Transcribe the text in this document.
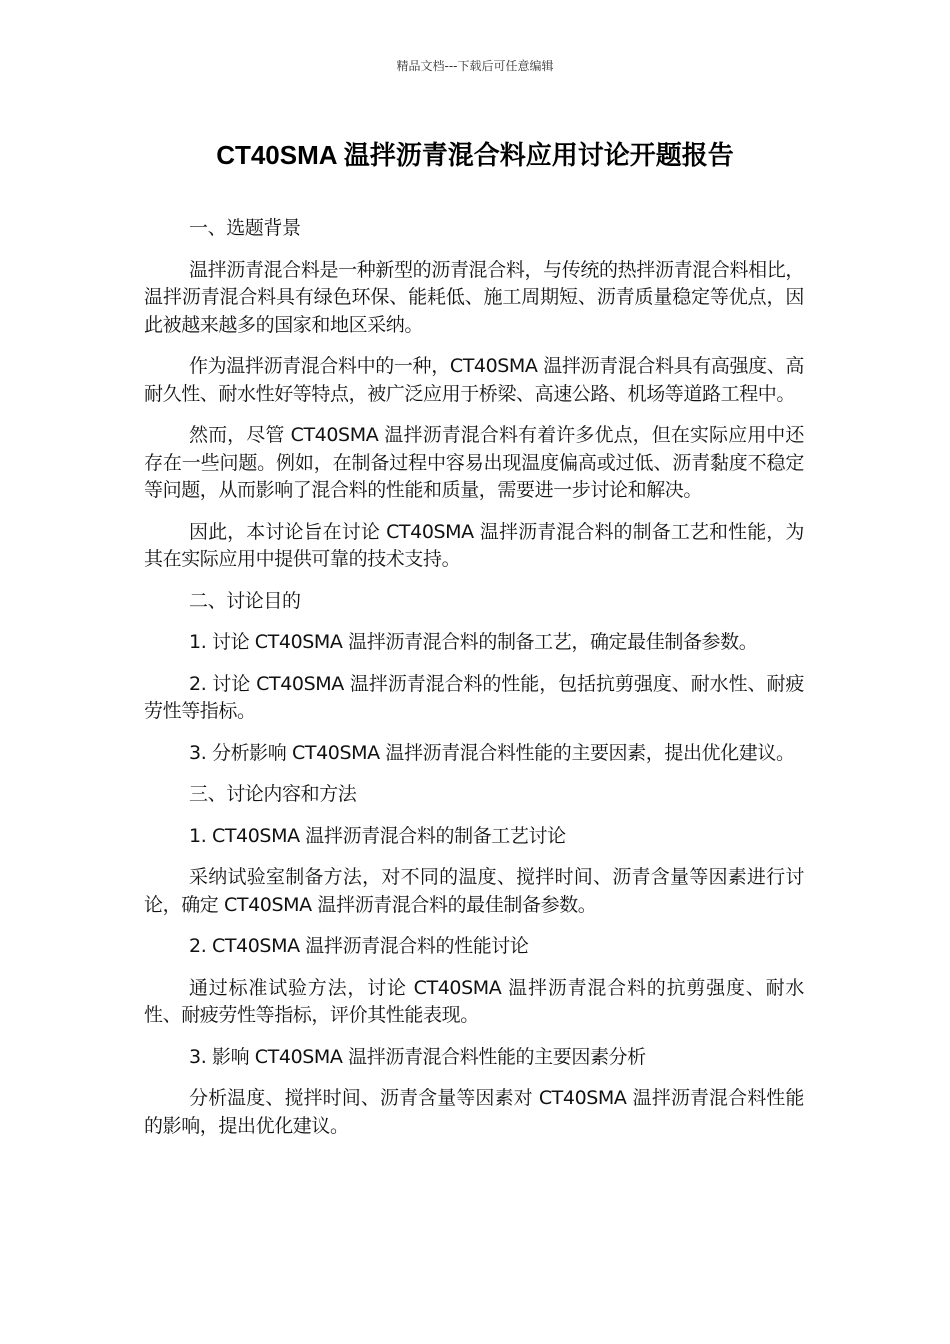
精品文档---下载后可任意编辑
CT40SMA 温拌沥青混合料应用讨论开题报告

一、选题背景

温拌沥青混合料是一种新型的沥青混合料，与传统的热拌沥青混合料相比，温拌沥青混合料具有绿色环保、能耗低、施工周期短、沥青质量稳定等优点，因此被越来越多的国家和地区采纳。

作为温拌沥青混合料中的一种，CT40SMA 温拌沥青混合料具有高强度、高耐久性、耐水性好等特点，被广泛应用于桥梁、高速公路、机场等道路工程中。

然而，尽管 CT40SMA 温拌沥青混合料有着许多优点，但在实际应用中还存在一些问题。例如，在制备过程中容易出现温度偏高或过低、沥青黏度不稳定等问题，从而影响了混合料的性能和质量，需要进一步讨论和解决。

因此，本讨论旨在讨论 CT40SMA 温拌沥青混合料的制备工艺和性能，为其在实际应用中提供可靠的技术支持。

二、讨论目的

1. 讨论 CT40SMA 温拌沥青混合料的制备工艺，确定最佳制备参数。

2. 讨论 CT40SMA 温拌沥青混合料的性能，包括抗剪强度、耐水性、耐疲劳性等指标。

3. 分析影响 CT40SMA 温拌沥青混合料性能的主要因素，提出优化建议。

三、讨论内容和方法

1. CT40SMA 温拌沥青混合料的制备工艺讨论

采纳试验室制备方法，对不同的温度、搅拌时间、沥青含量等因素进行讨论，确定 CT40SMA 温拌沥青混合料的最佳制备参数。

2. CT40SMA 温拌沥青混合料的性能讨论

通过标准试验方法，讨论 CT40SMA 温拌沥青混合料的抗剪强度、耐水性、耐疲劳性等指标，评价其性能表现。

3. 影响 CT40SMA 温拌沥青混合料性能的主要因素分析

分析温度、搅拌时间、沥青含量等因素对 CT40SMA 温拌沥青混合料性能的影响，提出优化建议。
